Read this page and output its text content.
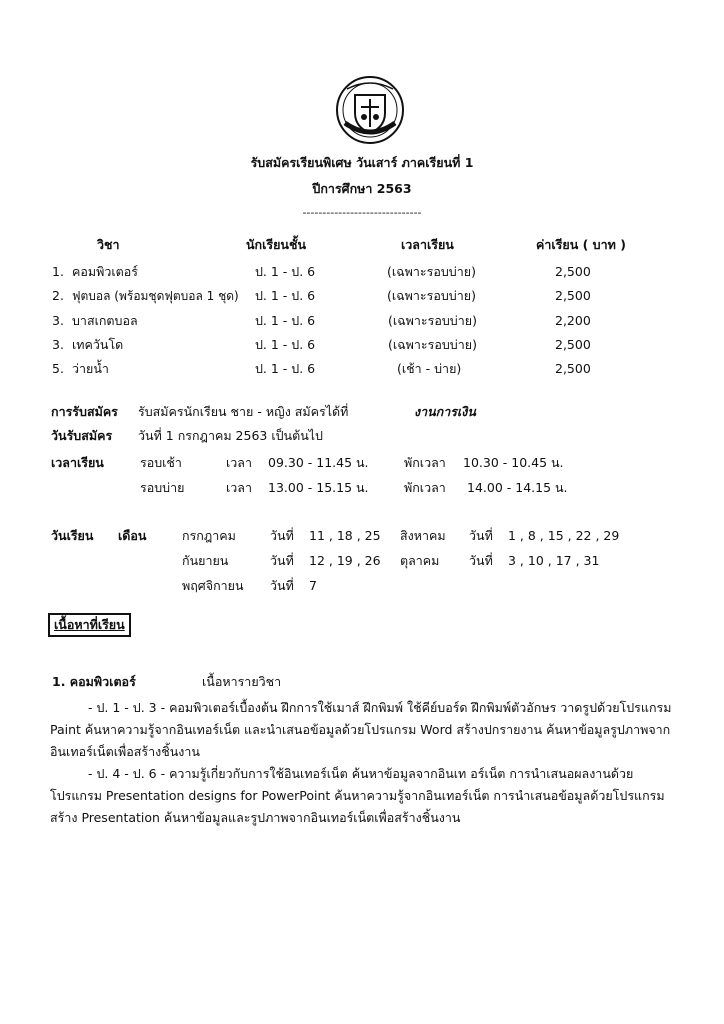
รับสมัครเรียนพิเศษ วันเสาร์ ภาคเรียนที่ 1
ปีการศึกษา 2563
------------------------------
วิชา	นักเรียนชั้น	เวลาเรียน	ค่าเรียน ( บาท )
1. คอมพิวเตอร์	ป. 1 - ป. 6	(เฉพาะรอบบ่าย)	2,500
2. ฟุตบอล (พร้อมชุดฟุตบอล 1 ชุด) ป. 1 - ป. 6	(เฉพาะรอบบ่าย)	2,500
3. บาสเกตบอล	ป. 1 - ป. 6	(เฉพาะรอบบ่าย)	2,200
3. เทควันโด	ป. 1 - ป. 6	(เฉพาะรอบบ่าย)	2,500
5. ว่ายน้ำ	ป. 1 - ป. 6	(เช้า - บ่าย)	2,500
การรับสมัคร รับสมัครนักเรียน ชาย - หญิง สมัครได้ที่	งานการเงิน
วันรับสมัคร วันที่ 1 กรกฎาคม 2563 เป็นต้นไป
เวลาเรียน	รอบเช้า	เวลา 09.30 - 11.45 น.	พักเวลา 10.30 - 10.45 น.
รอบบ่าย	เวลา 13.00 - 15.15 น.	พักเวลา 14.00 - 14.15 น.
วันเรียน เดือน	กรกฎาคม	วันที่ 11 , 18 , 25 สิงหาคม วันที่ 1 , 8 , 15 , 22 , 29
กันยายน	วันที่ 12 , 19 , 26 ตุลาคม วันที่ 3 , 10 , 17 , 31
พฤศจิกายน วันที่ 7
เนื้อหาที่เรียน
1. คอมพิวเตอร์	เนื้อหารายวิชา
- ป. 1 - ป. 3 - คอมพิวเตอร์เบื้องต้น ฝึกการใช้เมาส์ ฝึกพิมพ์ ใช้คีย์บอร์ด ฝึกพิมพ์ตัวอักษร วาดรูปด้วยโปรแกรม Paint ค้นหาความรู้จากอินเทอร์เน็ต และนำเสนอข้อมูลด้วยโปรแกรม Word สร้างปกรายงาน ค้นหาข้อมูลรูปภาพจากอินเทอร์เน็ตเพื่อสร้างชิ้นงาน
- ป. 4 - ป. 6 - ความรู้เกี่ยวกับการใช้อินเทอร์เน็ต ค้นหาข้อมูลจากอินเท อร์เน็ต การนำเสนอผลงานด้วยโปรแกรม Presentation designs for PowerPoint ค้นหาความรู้จากอินเทอร์เน็ต การนำเสนอข้อมูลด้วยโปรแกรม สร้าง Presentation ค้นหาข้อมูลและรูปภาพจากอินเทอร์เน็ตเพื่อสร้างชิ้นงาน
